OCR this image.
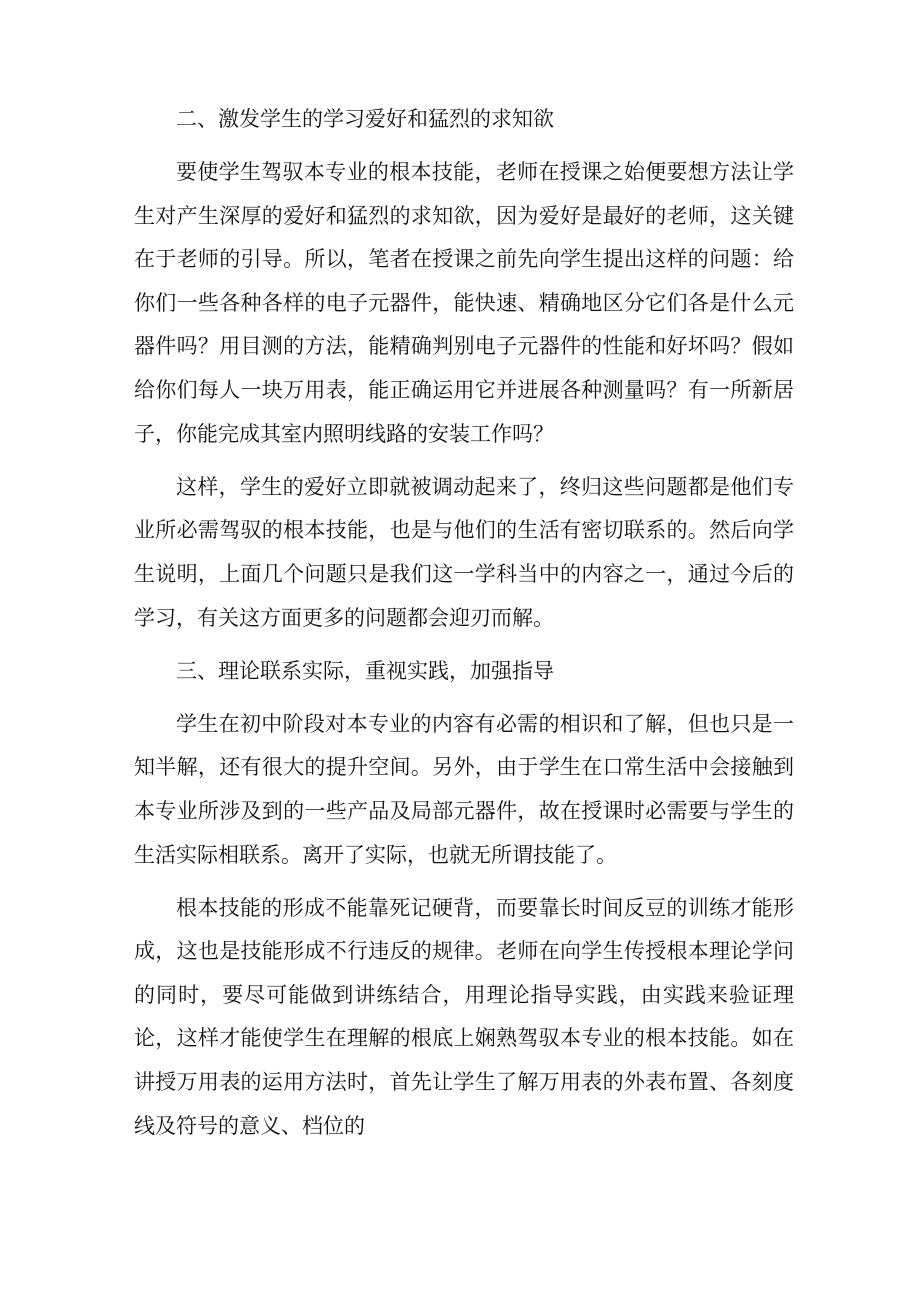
二、激发学生的学习爱好和猛烈的求知欲

要使学生驾驭本专业的根本技能，老师在授课之始便要想方法让学生对产生深厚的爱好和猛烈的求知欲，因为爱好是最好的老师，这关键在于老师的引导。所以，笔者在授课之前先向学生提出这样的问题：给你们一些各种各样的电子元器件，能快速、精确地区分它们各是什么元器件吗？用目测的方法，能精确判别电子元器件的性能和好坏吗？假如给你们每人一块万用表，能正确运用它并进展各种测量吗？有一所新居子，你能完成其室内照明线路的安装工作吗？

这样，学生的爱好立即就被调动起来了，终归这些问题都是他们专业所必需驾驭的根本技能，也是与他们的生活有密切联系的。然后向学生说明，上面几个问题只是我们这一学科当中的内容之一，通过今后的学习，有关这方面更多的问题都会迎刃而解。

三、理论联系实际，重视实践，加强指导

学生在初中阶段对本专业的内容有必需的相识和了解，但也只是一知半解，还有很大的提升空间。另外，由于学生在口常生活中会接触到本专业所涉及到的一些产品及局部元器件，故在授课时必需要与学生的生活实际相联系。离开了实际，也就无所谓技能了。

根本技能的形成不能靠死记硬背，而要靠长时间反豆的训练才能形成，这也是技能形成不行违反的规律。老师在向学生传授根本理论学问的同时，要尽可能做到讲练结合，用理论指导实践，由实践来验证理论，这样才能使学生在理解的根底上娴熟驾驭本专业的根本技能。如在讲授万用表的运用方法时，首先让学生了解万用表的外表布置、各刻度线及符号的意义、档位的
